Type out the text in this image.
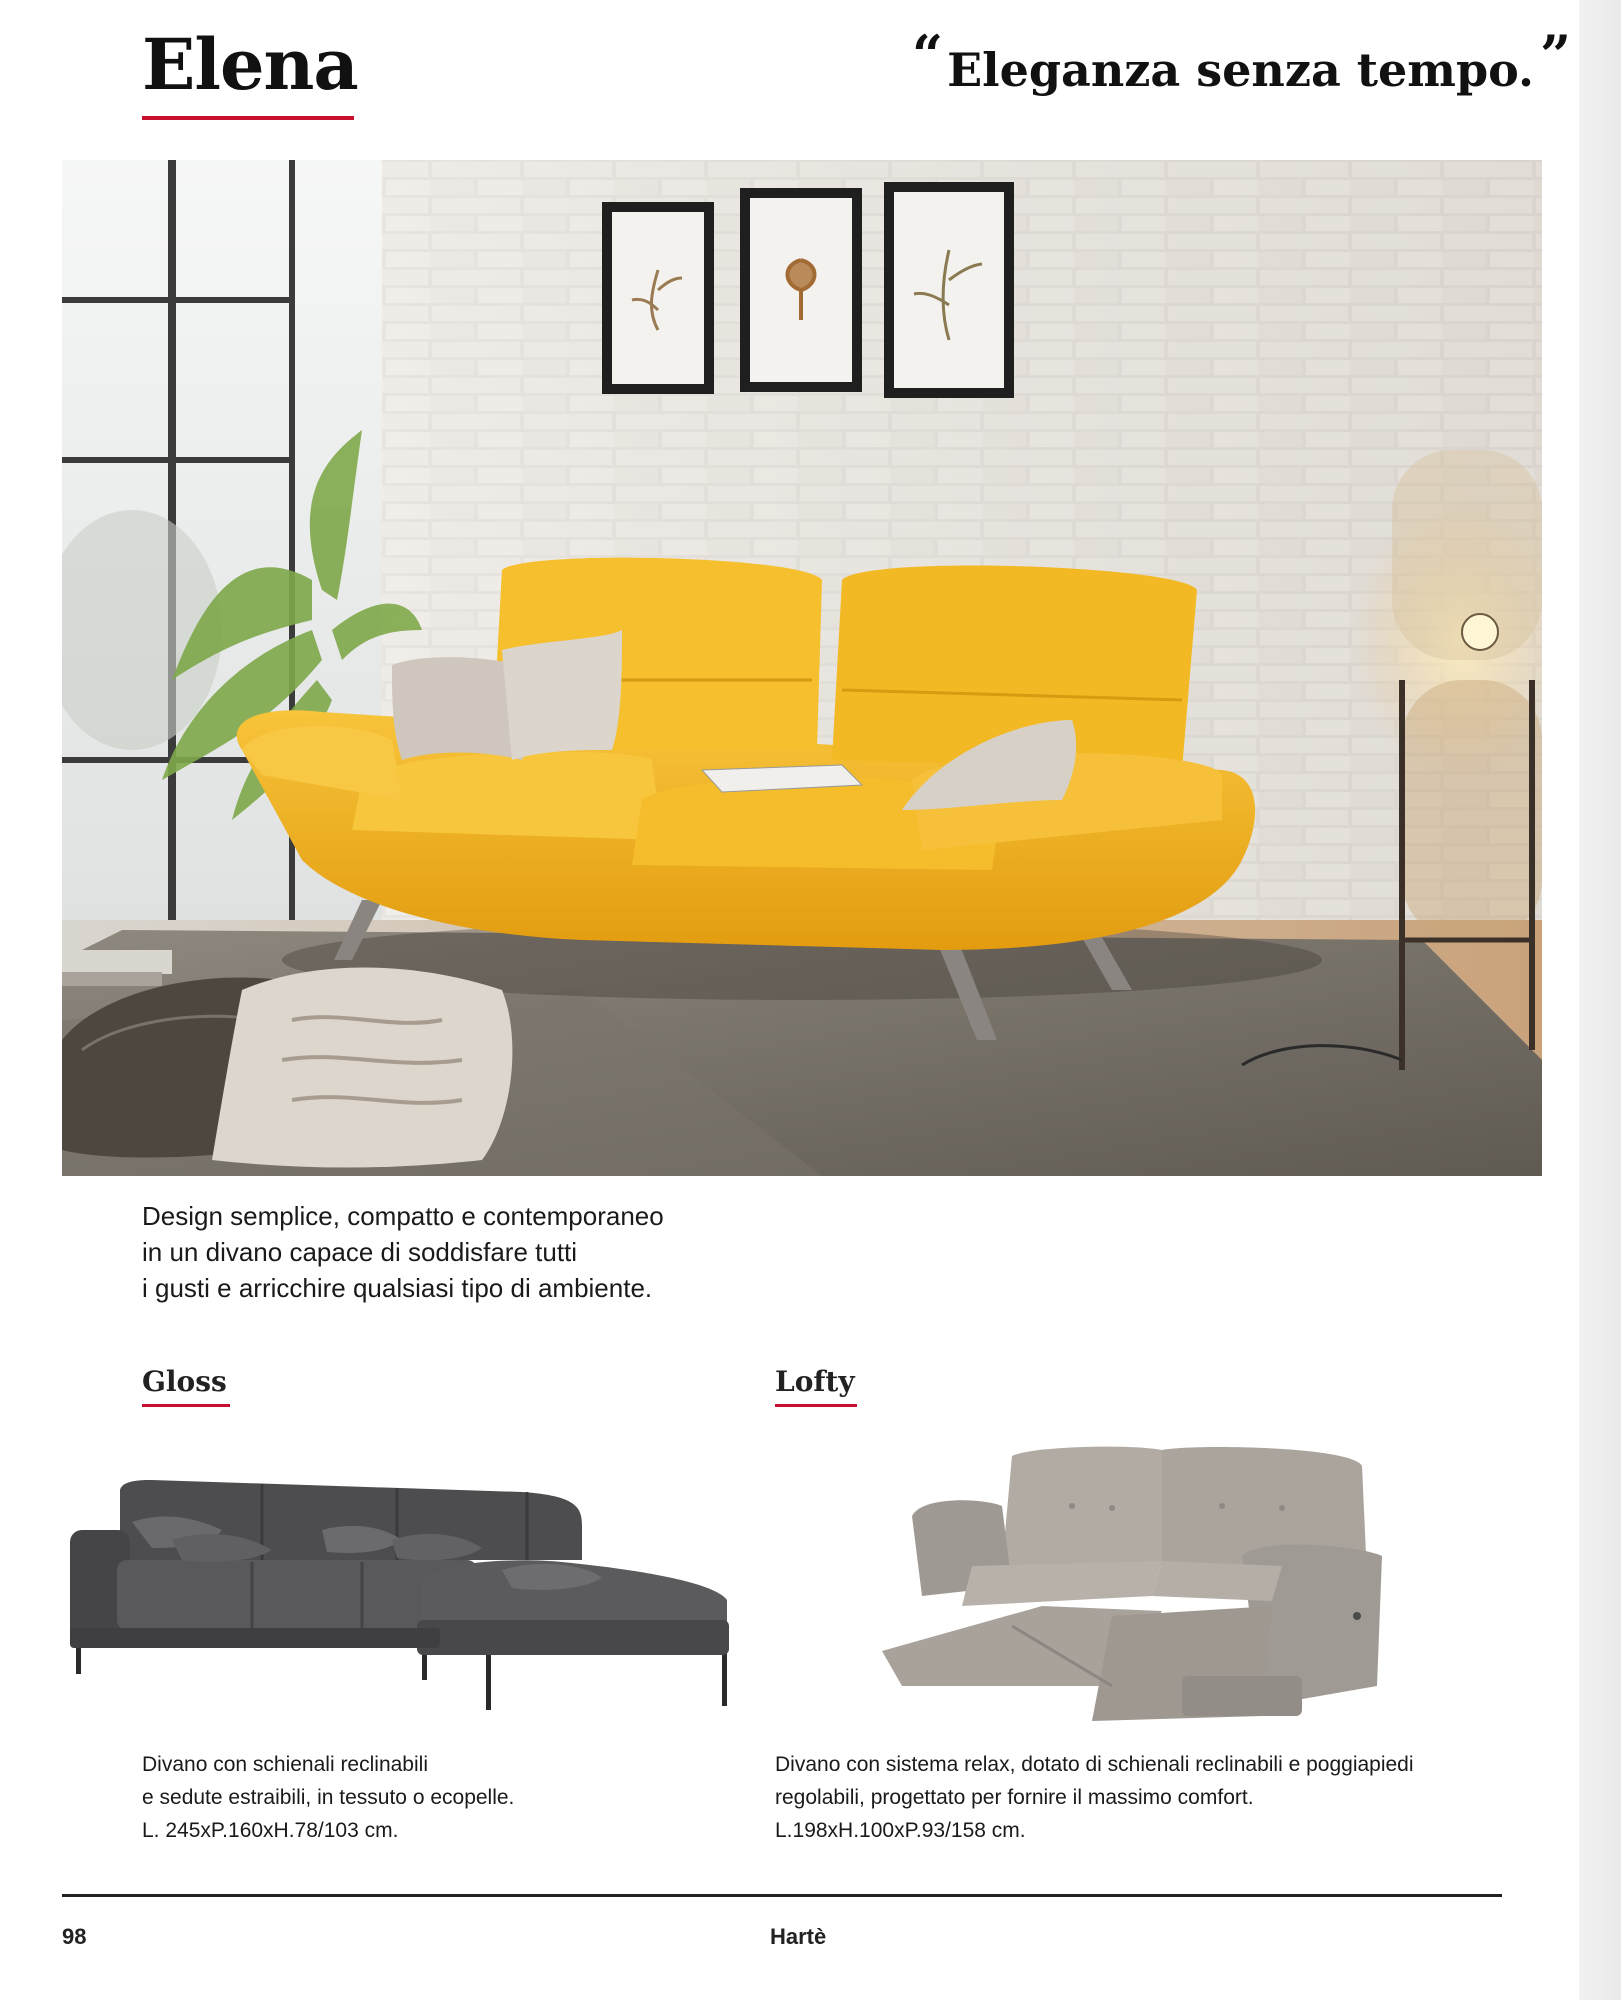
Elena	“Eleganza senza tempo. ”
Design semplice, compatto e contemporaneo
in un divano capace di soddisfare tutti
i gusti e arricchire qualsiasi tipo di ambiente.
Gloss
Divano con schienali reclinabili
e sedute estraibili, in tessuto o ecopelle.
L. 245xP.160xH.78/103 cm.
Lofty
Divano con sistema relax, dotato di schienali reclinabili e poggiapiedi
regolabili, progettato per fornire il massimo comfort.
L.198xH.100xP.93/158 cm.
98	Hartè
